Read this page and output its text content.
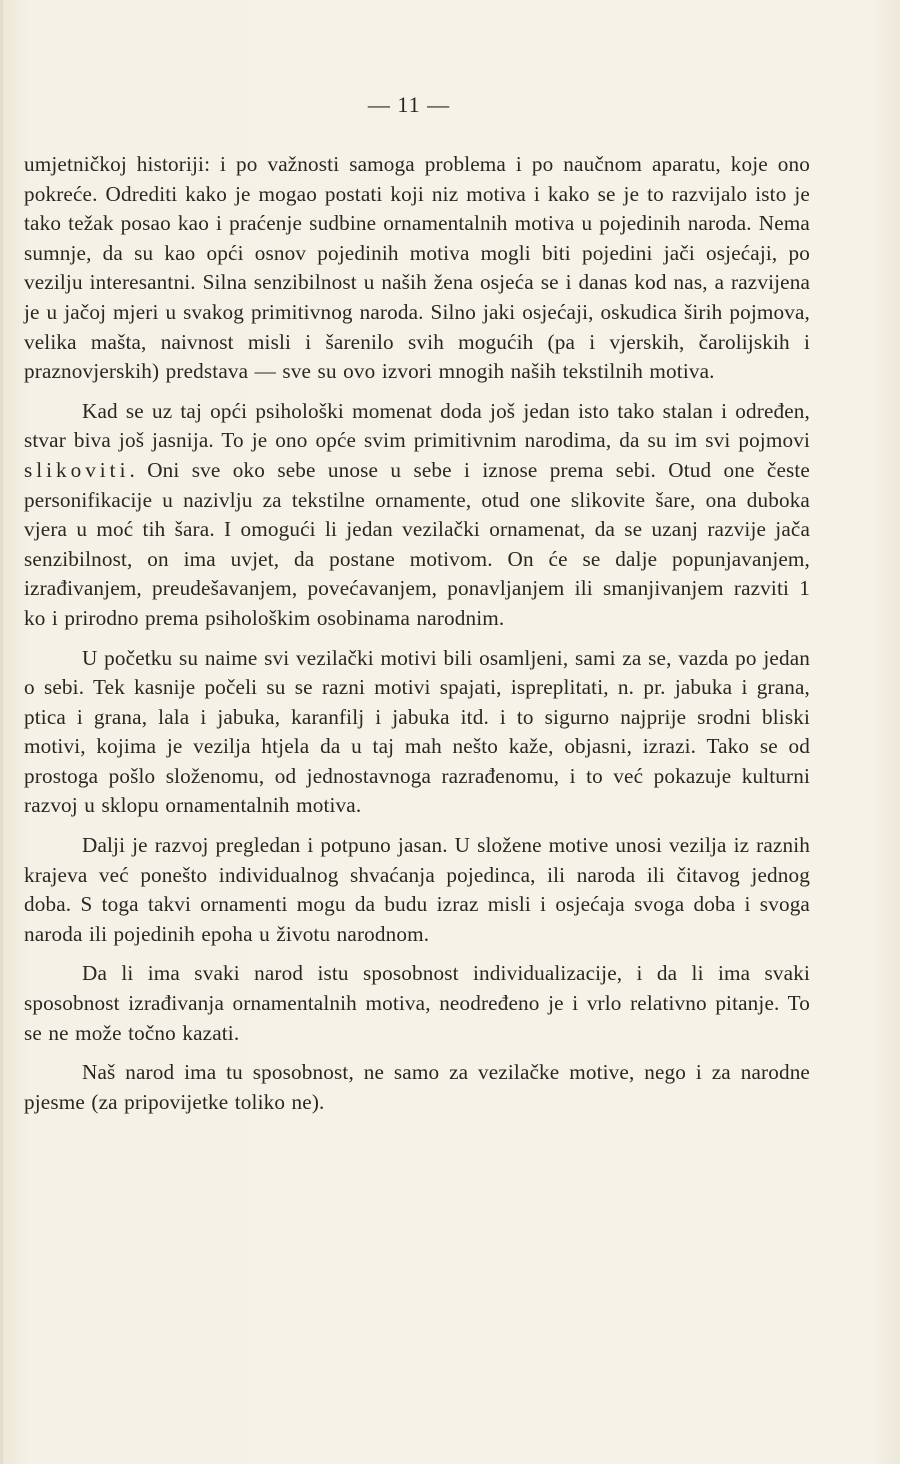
— 11 —

umjetničkoj historiji: i po važnosti samoga problema i po naučnom aparatu, koje ono pokreće. Odrediti kako je mogao postati koji niz motiva i kako se je to razvijalo isto je tako težak posao kao i praćenje sudbine ornamentalnih motiva u pojedinih naroda. Nema sumnje, da su kao opći osnov pojedinih motiva mogli biti pojedini jači osjećaji, po vezilju interesantni. Silna senzibilnost u naših žena osjeća se i danas kod nas, a razvijena je u jačoj mjeri u svakog primitivnog naroda. Silno jaki osjećaji, oskudica širih pojmova, velika mašta, naivnost misli i šarenilo svih mogućih (pa i vjerskih, čarolijskih i praznovjerskih) predstava — sve su ovo izvori mnogih naših tekstilnih motiva.

Kad se uz taj opći psihološki momenat doda još jedan isto tako stalan i određen, stvar biva još jasnija. To je ono opće svim primitivnim narodima, da su im svi pojmovi slikoviti. Oni sve oko sebe unose u sebe i iznose prema sebi. Otud one česte personifikacije u nazivlju za tekstilne ornamente, otud one slikovite šare, ona duboka vjera u moć tih šara. I omogući li jedan vezilački ornamenat, da se uzanj razvije jača senzibilnost, on ima uvjet, da postane motivom. On će se dalje popunjavanjem, izrađivanjem, preudešavanjem, povećavanjem, ponavljanjem ili smanjivanjem razviti 1 ko i prirodno prema psihološkim osobinama narodnim.

U početku su naime svi vezilački motivi bili osamljeni, sami za se, vazda po jedan o sebi. Tek kasnije počeli su se razni motivi spajati, ispreplitati, n. pr. jabuka i grana, ptica i grana, lala i jabuka, karanfilj i jabuka itd. i to sigurno najprije srodni bliski motivi, kojima je vezilja htjela da u taj mah nešto kaže, objasni, izrazi. Tako se od prostoga pošlo složenomu, od jednostavnoga razrađenomu, i to već pokazuje kulturni razvoj u sklopu ornamentalnih motiva.

Dalji je razvoj pregledan i potpuno jasan. U složene motive unosi vezilja iz raznih krajeva već ponešto individualnog shvaćanja pojedinca, ili naroda ili čitavog jednog doba. S toga takvi ornamenti mogu da budu izraz misli i osjećaja svoga doba i svoga naroda ili pojedinih epoha u životu narodnom.

Da li ima svaki narod istu sposobnost individualizacije, i da li ima svaki sposobnost izrađivanja ornamentalnih motiva, neodređeno je i vrlo relativno pitanje. To se ne može točno kazati.

Naš narod ima tu sposobnost, ne samo za vezilačke motive, nego i za narodne pjesme (za pripovijetke toliko ne).
